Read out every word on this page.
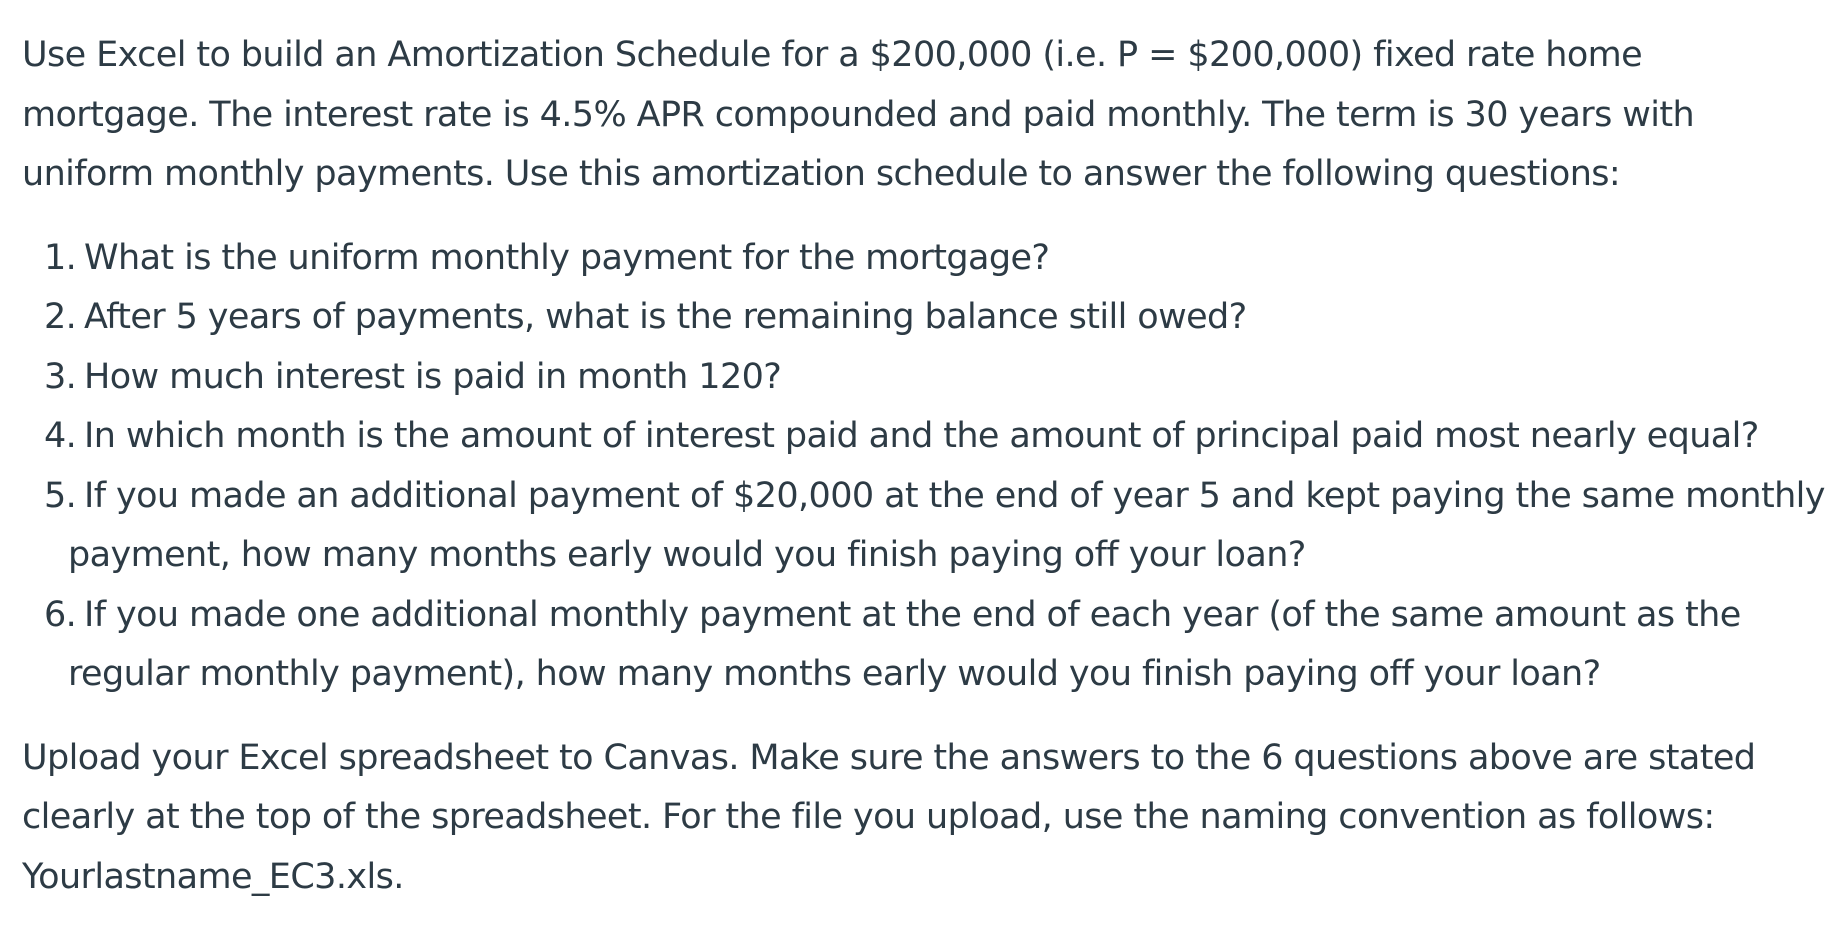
Use Excel to build an Amortization Schedule for a $200,000 (i.e. P = $200,000) fixed rate home
mortgage. The interest rate is 4.5% APR compounded and paid monthly. The term is 30 years with
uniform monthly payments. Use this amortization schedule to answer the following questions:

1. What is the uniform monthly payment for the mortgage?
2. After 5 years of payments, what is the remaining balance still owed?
3. How much interest is paid in month 120?
4. In which month is the amount of interest paid and the amount of principal paid most nearly equal?
5. If you made an additional payment of $20,000 at the end of year 5 and kept paying the same monthly
payment, how many months early would you finish paying off your loan?
6. If you made one additional monthly payment at the end of each year (of the same amount as the
regular monthly payment), how many months early would you finish paying off your loan?

Upload your Excel spreadsheet to Canvas. Make sure the answers to the 6 questions above are stated
clearly at the top of the spreadsheet. For the file you upload, use the naming convention as follows:
Yourlastname_EC3.xls.
